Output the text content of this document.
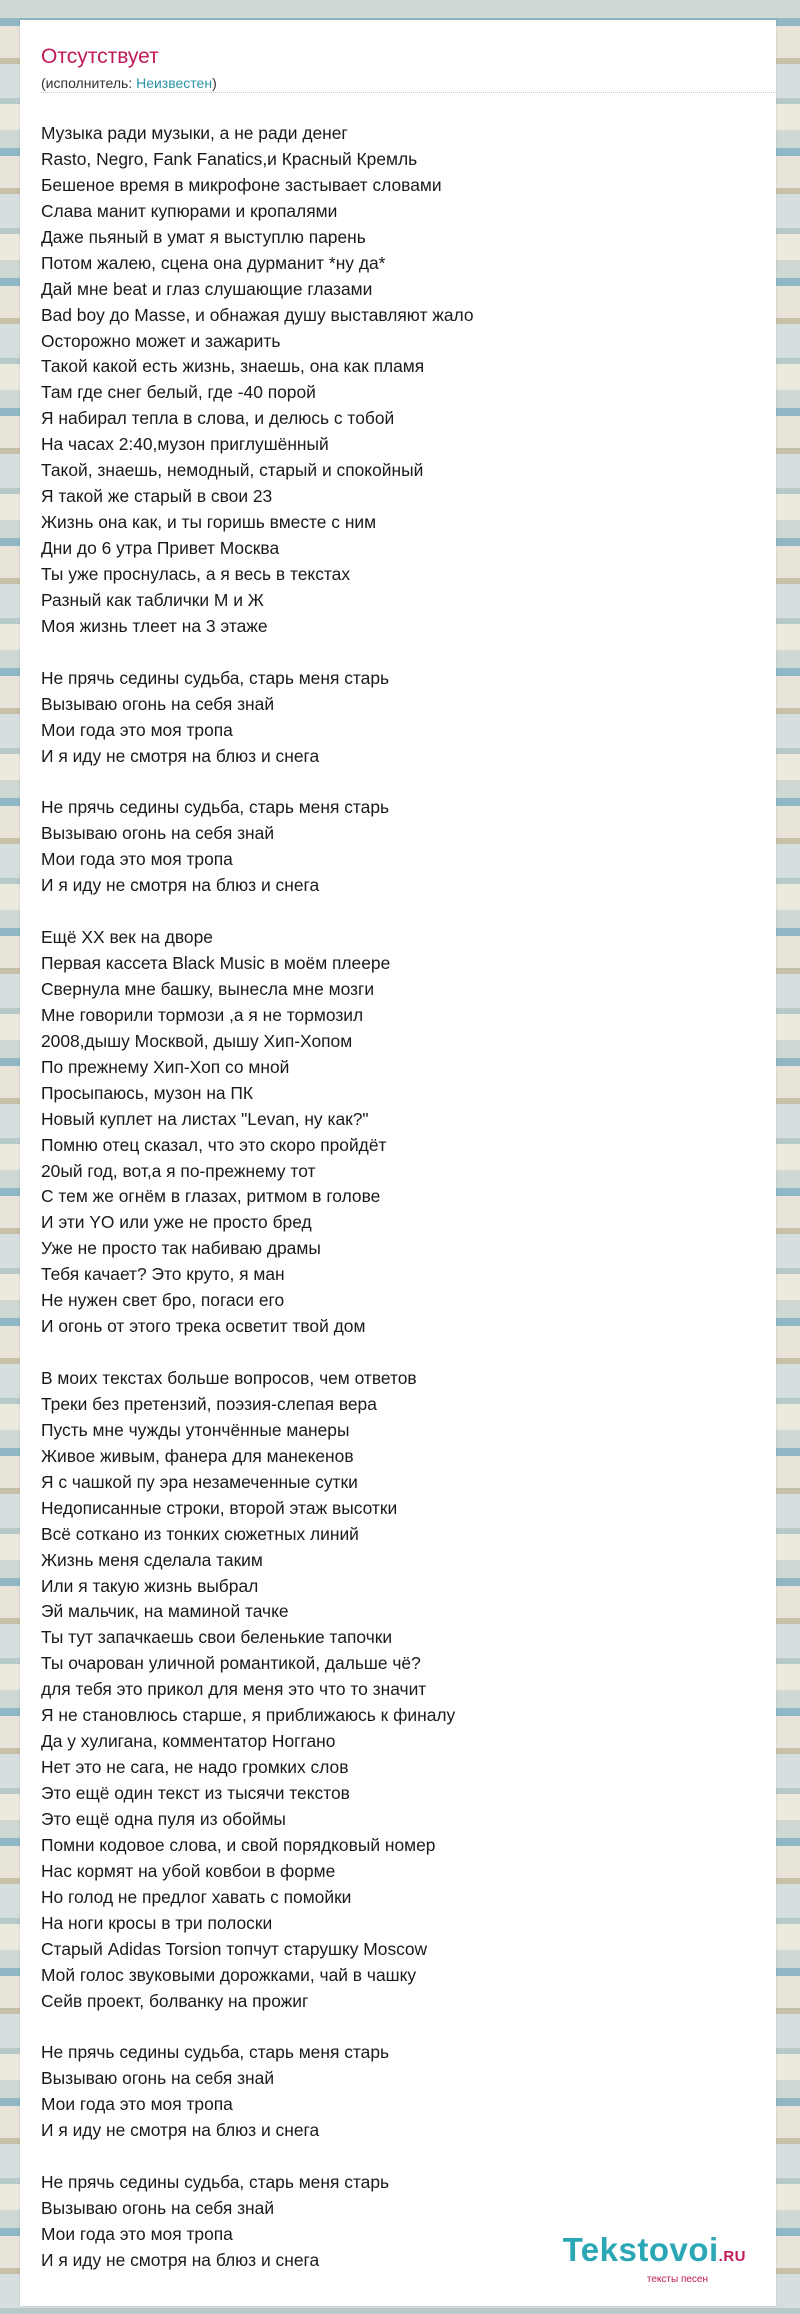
Отсутствует
(исполнитель: Неизвестен)
Музыка ради музыки, а не ради денег
Rasto, Negro, Fank Fanatics,и Красный Кремль
Бешеное время в микрофоне застывает словами
Слава манит купюрами и кропалями
Даже пьяный в умат я выступлю парень
Потом жалею, сцена она дурманит *ну да*
Дай мне beat и глаз слушающие глазами
Bad boy до Masse, и обнажая душу выставляют жало
Осторожно может и зажарить
Такой какой есть жизнь, знаешь, она как пламя
Там где снег белый, где -40 порой
Я набирал тепла в слова, и делюсь с тобой
На часах 2:40,музон приглушённый
Такой, знаешь, немодный, старый и спокойный
Я такой же старый в свои 23
Жизнь она как, и ты горишь вместе с ним
Дни до 6 утра Привет Москва
Ты уже проснулась, а я весь в текстах
Разный как таблички М и Ж
Моя жизнь тлеет на 3 этаже
Не прячь седины судьба, старь меня старь
Вызываю огонь на себя знай
Мои года это моя тропа
И я иду не смотря на блюз и снега
Не прячь седины судьба, старь меня старь
Вызываю огонь на себя знай
Мои года это моя тропа
И я иду не смотря на блюз и снега
Ещё XX век на дворе
Первая кассета Black Music в моём плеере
Свернула мне башку, вынесла мне мозги
Мне говорили тормози ,а я не тормозил
2008,дышу Москвой, дышу Хип-Хопом
По прежнему Хип-Хоп со мной
Просыпаюсь, музон на ПК
Новый куплет на листах "Levan, ну как?"
Помню отец сказал, что это скоро пройдёт
20ый год, вот,а я по-прежнему тот
С тем же огнём в глазах, ритмом в голове
И эти YO или уже не просто бред
Уже не просто так набиваю драмы
Тебя качает? Это круто, я ман
Не нужен свет бро, погаси его
И огонь от этого трека осветит твой дом
В моих текстах больше вопросов, чем ответов
Треки без претензий, поэзия-слепая вера
Пусть мне чужды утончённые манеры
Живое живым, фанера для манекенов
Я с чашкой пу эра незамеченные сутки
Недописанные строки, второй этаж высотки
Всё соткано из тонких сюжетных линий
Жизнь меня сделала таким
Или я такую жизнь выбрал
Эй мальчик, на маминой тачке
Ты тут запачкаешь свои беленькие тапочки
Ты очарован уличной романтикой, дальше чё?
для тебя это прикол для меня это что то значит
Я не становлюсь старше, я приближаюсь к финалу
Да у хулигана, комментатор Ноггано
Нет это не сага, не надо громких слов
Это ещё один текст из тысячи текстов
Это ещё одна пуля из обоймы
Помни кодовое слова, и свой порядковый номер
Нас кормят на убой ковбои в форме
Но голод не предлог хавать с помойки
На ноги кросы в три полоски
Старый Adidas Torsion топчут старушку Moscow
Мой голос звуковыми дорожками, чай в чашку
Сейв проект, болванку на прожиг
Не прячь седины судьба, старь меня старь
Вызываю огонь на себя знай
Мои года это моя тропа
И я иду не смотря на блюз и снега
Не прячь седины судьба, старь меня старь
Вызываю огонь на себя знай
Мои года это моя тропа
И я иду не смотря на блюз и снега	Tekstovoi.RU
тексты песен
